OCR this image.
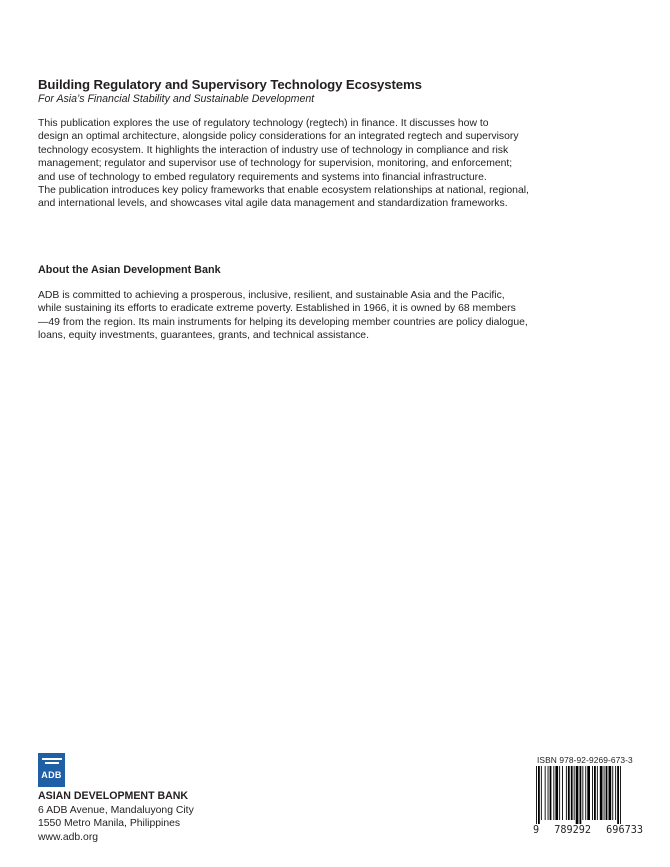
Building Regulatory and Supervisory Technology Ecosystems
For Asia’s Financial Stability and Sustainable Development
This publication explores the use of regulatory technology (regtech) in finance. It discusses how to
design an optimal architecture, alongside policy considerations for an integrated regtech and supervisory
technology ecosystem. It highlights the interaction of industry use of technology in compliance and risk
management; regulator and supervisor use of technology for supervision, monitoring, and enforcement;
and use of technology to embed regulatory requirements and systems into financial infrastructure.
The publication introduces key policy frameworks that enable ecosystem relationships at national, regional,
and international levels, and showcases vital agile data management and standardization frameworks.
About the Asian Development Bank
ADB is committed to achieving a prosperous, inclusive, resilient, and sustainable Asia and the Pacific,
while sustaining its efforts to eradicate extreme poverty. Established in 1966, it is owned by 68 members
—49 from the region. Its main instruments for helping its developing member countries are policy dialogue,
loans, equity investments, guarantees, grants, and technical assistance.
ADB
ASIAN DEVELOPMENT BANK
6 ADB Avenue, Mandaluyong City
1550 Metro Manila, Philippines
www.adb.org
ISBN 978-92-9269-673-3
9 789292 696733
